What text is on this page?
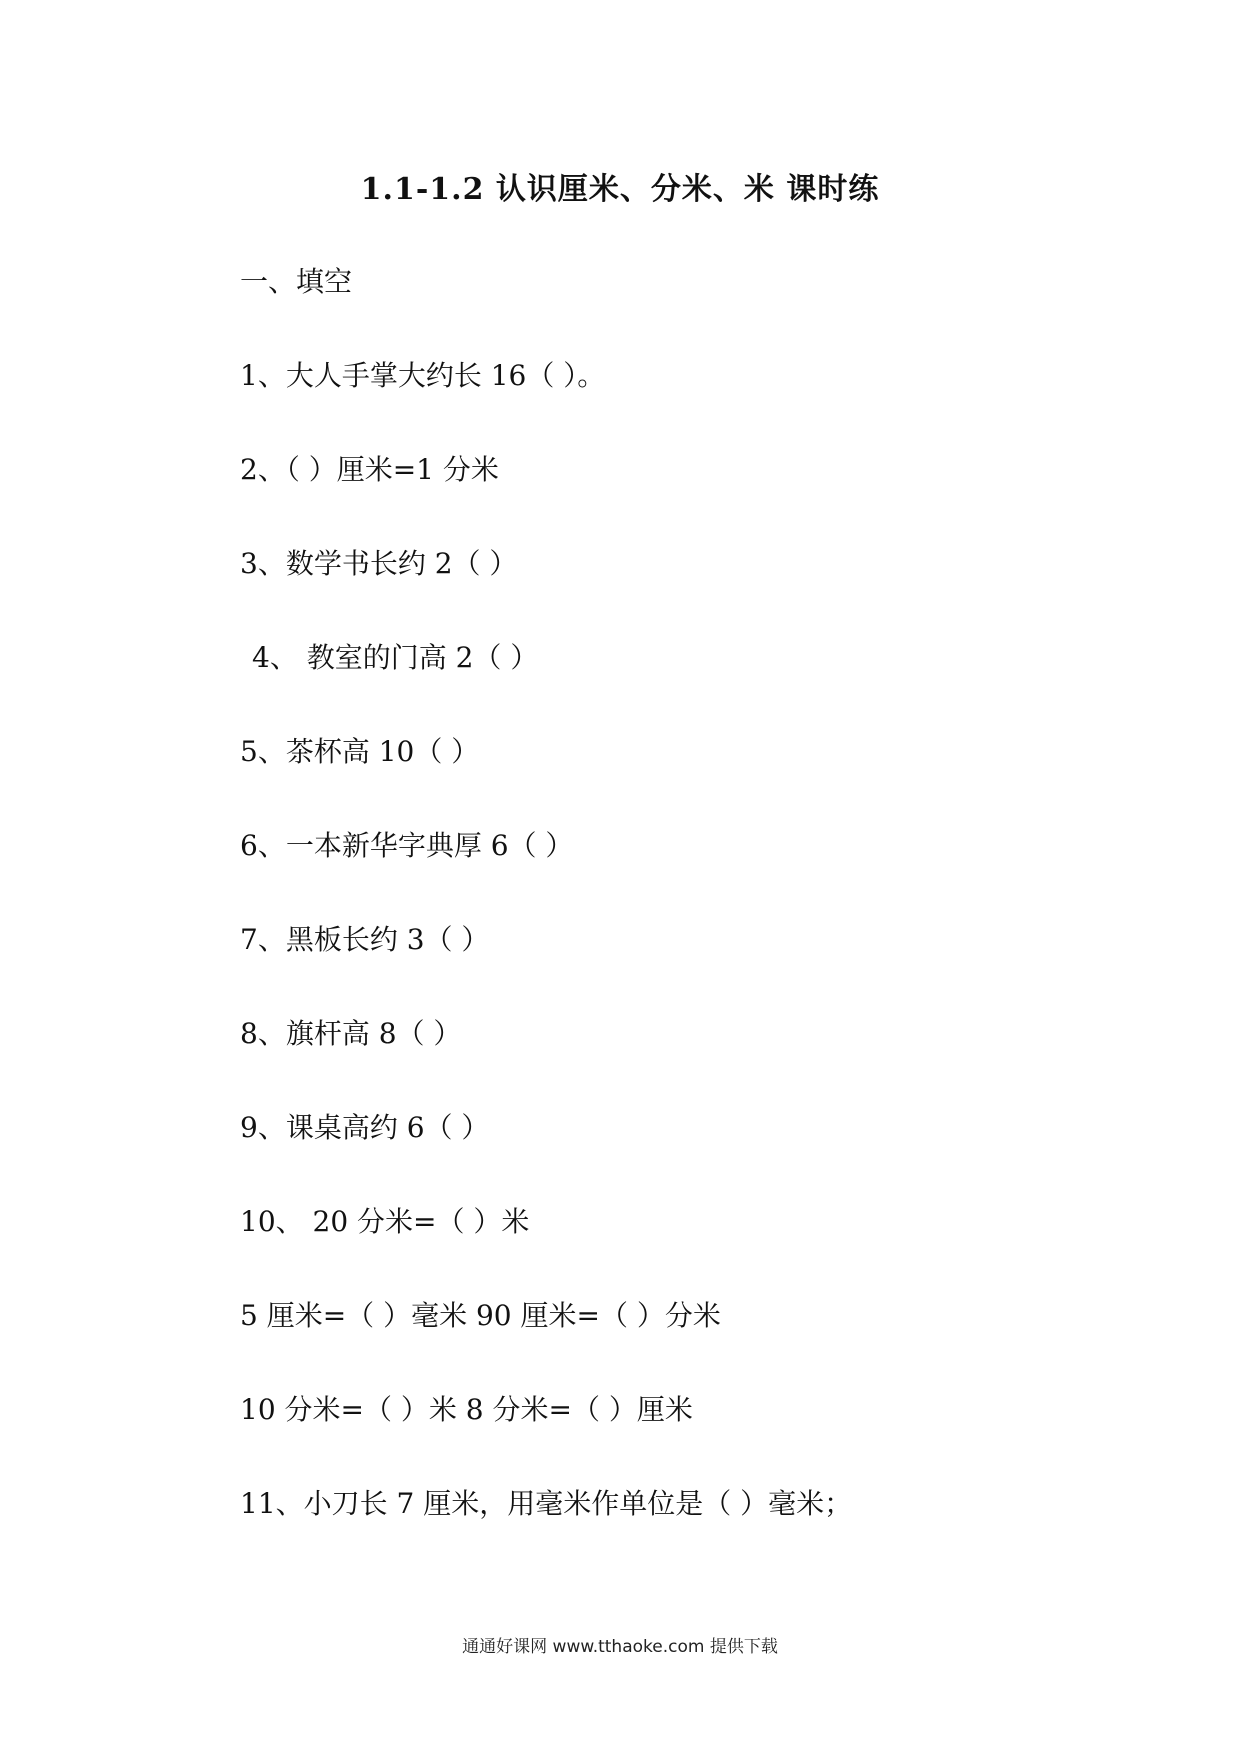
1.1-1.2 认识厘米、分米、米 课时练
一、填空
1、大人手掌大约长 16（ ）。
2、（ ）厘米=1 分米
3、数学书长约 2（ ）
4、 教室的门高 2（ ）
5、茶杯高 10（ ）
6、一本新华字典厚 6（ ）
7、黑板长约 3（ ）
8、旗杆高 8（ ）
9、课桌高约 6（ ）
10、 20 分米=（ ）米
5 厘米=（ ）毫米 90 厘米=（ ）分米
10 分米=（ ）米 8 分米=（ ）厘米
11、小刀长 7 厘米，用毫米作单位是（ ）毫米；
通通好课网 www.tthaoke.com 提供下载
